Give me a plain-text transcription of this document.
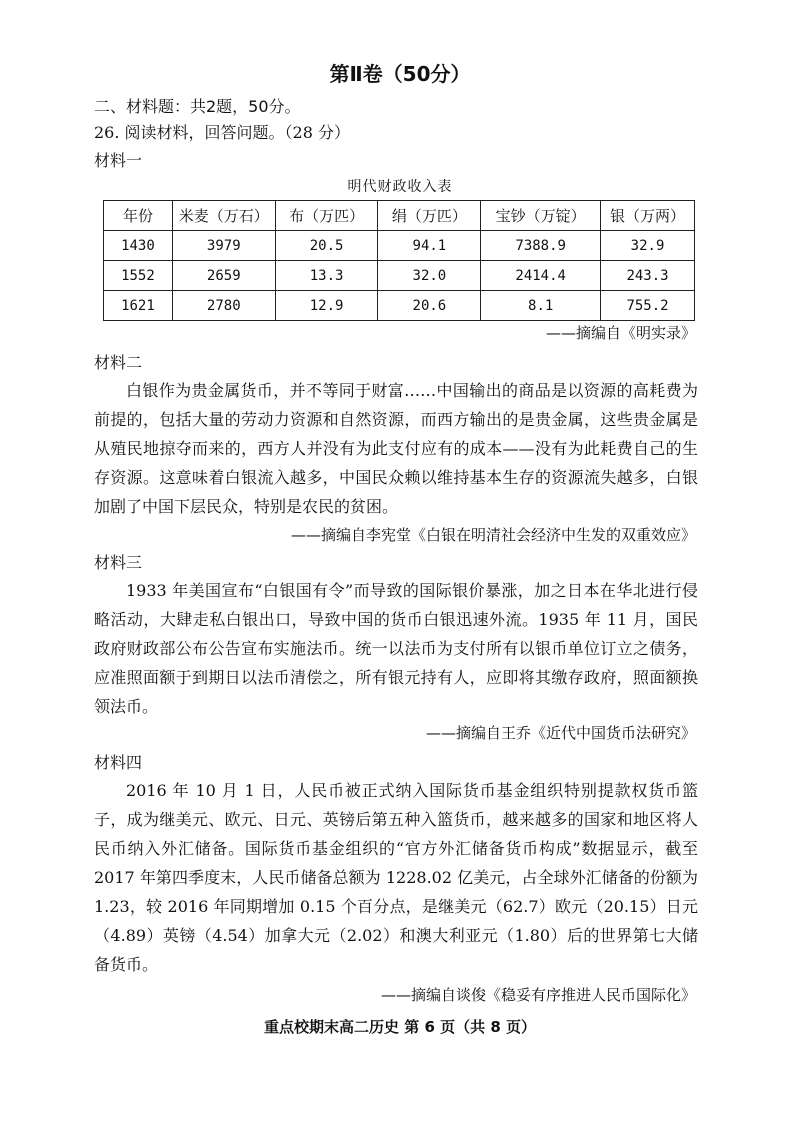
第Ⅱ卷（50分）
二、材料题：共2题，50分。
26. 阅读材料，回答问题。（28 分）
材料一
明代财政收入表
年份	米麦（万石）	布（万匹）	绢（万匹）	宝钞（万锭）	银（万两）
1430	3979	20.5	94.1	7388.9	32.9
1552	2659	13.3	32.0	2414.4	243.3
1621	2780	12.9	20.6	8.1	755.2
——摘编自《明实录》
材料二
白银作为贵金属货币，并不等同于财富……中国输出的商品是以资源的高耗费为前提的，包括大量的劳动力资源和自然资源，而西方输出的是贵金属，这些贵金属是从殖民地掠夺而来的，西方人并没有为此支付应有的成本——没有为此耗费自己的生存资源。这意味着白银流入越多，中国民众赖以维持基本生存的资源流失越多，白银加剧了中国下层民众，特别是农民的贫困。
——摘编自李宪堂《白银在明清社会经济中生发的双重效应》
材料三
1933 年美国宣布“白银国有令”而导致的国际银价暴涨，加之日本在华北进行侵略活动，大肆走私白银出口，导致中国的货币白银迅速外流。1935 年 11 月，国民政府财政部公布公告宣布实施法币。统一以法币为支付所有以银币单位订立之债务，应准照面额于到期日以法币清偿之，所有银元持有人，应即将其缴存政府，照面额换领法币。
——摘编自王乔《近代中国货币法研究》
材料四
2016 年 10 月 1 日，人民币被正式纳入国际货币基金组织特别提款权货币篮子，成为继美元、欧元、日元、英镑后第五种入篮货币，越来越多的国家和地区将人民币纳入外汇储备。国际货币基金组织的“官方外汇储备货币构成”数据显示，截至 2017 年第四季度末，人民币储备总额为 1228.02 亿美元，占全球外汇储备的份额为 1.23，较 2016 年同期增加 0.15 个百分点，是继美元（62.7）欧元（20.15）日元（4.89）英镑（4.54）加拿大元（2.02）和澳大利亚元（1.80）后的世界第七大储备货币。
——摘编自谈俊《稳妥有序推进人民币国际化》
重点校期末高二历史 第 6 页（共 8 页）
